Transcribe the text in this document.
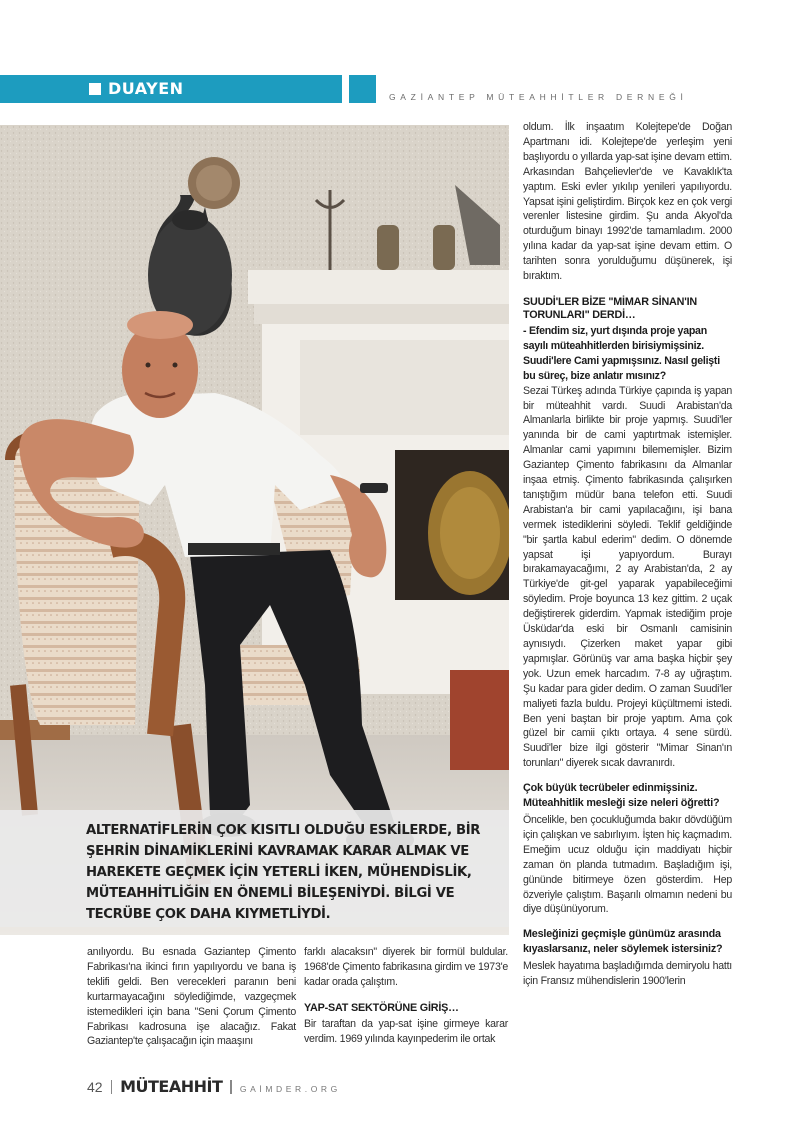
DUAYEN	GAZİANTEP MÜTEAHHİTLER DERNEĞİ

ALTERNATİFLERİN ÇOK KISITLI OLDUĞU ESKİLERDE, BİR ŞEHRİN DİNAMİKLERİNİ KAVRAMAK KARAR ALMAK VE HAREKETE GEÇMEK İÇİN YETERLİ İKEN, MÜHENDİSLİK, MÜTEAHHİTLİĞİN EN ÖNEMLİ BİLEŞENİYDİ. BİLGİ VE TECRÜBE ÇOK DAHA KIYMETLİYDİ.

anılıyordu. Bu esnada Gaziantep Çimento Fabrikası'na ikinci fırın yapılıyordu ve bana iş teklifi geldi. Ben verecekleri paranın beni kurtarmayacağını söylediğimde, vazgeçmek istemedikleri için bana "Seni Çorum Çimento Fabrikası kadrosuna işe alacağız. Fakat Gaziantep'te çalışacağın için maaşını

farklı alacaksın" diyerek bir formül buldular. 1968'de Çimento fabrikasına girdim ve 1973'e kadar orada çalıştım.

YAP-SAT SEKTÖRÜNE GİRİŞ…

Bir taraftan da yap-sat işine girmeye karar verdim. 1969 yılında kayınpederim ile ortak

oldum. İlk inşaatım Kolejtepe'de Doğan Apartmanı idi. Kolejtepe'de yerleşim yeni başlıyordu o yıllarda yap-sat işine devam ettim. Arkasından Bahçelievler'de ve Kavaklık'ta yaptım. Eski evler yıkılıp yenileri yapılıyordu. Yapsat işini geliştirdim. Birçok kez en çok vergi verenler listesine girdim. Şu anda Akyol'da oturduğum binayı 1992'de tamamladım. 2000 yılına kadar da yap-sat işine devam ettim. O tarihten sonra yorulduğumu düşünerek, işi bıraktım.

SUUDİ'LER BİZE "MİMAR SİNAN'IN TORUNLARI" DERDİ…

- Efendim siz, yurt dışında proje yapan sayılı müteahhitlerden birisiymişsiniz. Suudi'lere Cami yapmışsınız. Nasıl gelişti bu süreç, bize anlatır mısınız?

Sezai Türkeş adında Türkiye çapında iş yapan bir müteahhit vardı. Suudi Arabistan'da Almanlarla birlikte bir proje yapmış. Suudi'ler yanında bir de cami yaptırtmak istemişler. Almanlar cami yapımını bilememişler. Bizim Gaziantep Çimento fabrikasını da Almanlar inşaa etmiş. Çimento fabrikasında çalışırken tanıştığım müdür bana telefon etti. Suudi Arabistan'a bir cami yapılacağını, işi bana vermek istediklerini söyledi. Teklif geldiğinde "bir şartla kabul ederim" dedim. O dönemde yapsat işi yapıyordum. Burayı bırakamayacağımı, 2 ay Arabistan'da, 2 ay Türkiye'de git-gel yaparak yapabileceğimi söyledim. Proje boyunca 13 kez gittim. 2 uçak değiştirerek giderdim. Yapmak istediğim proje Üsküdar'da eski bir Osmanlı camisinin aynısıydı. Çizerken maket yapar gibi yapmışlar. Görünüş var ama başka hiçbir şey yok. Uzun emek harcadım. 7-8 ay uğraştım. Şu kadar para gider dedim. O zaman Suudi'ler maliyeti fazla buldu. Projeyi küçültmemi istedi. Ben yeni baştan bir proje yaptım. Ama çok güzel bir camii çıktı ortaya. 4 sene sürdü. Suudi'ler bize ilgi gösterir "Mimar Sinan'ın torunları" diyerek sıcak davranırdı.

Çok büyük tecrübeler edinmişsiniz. Müteahhitlik mesleği size neleri öğretti?

Öncelikle, ben çocukluğumda bakır dövdüğüm için çalışkan ve sabırlıyım. İşten hiç kaçmadım. Emeğim ucuz olduğu için maddiyatı hiçbir zaman ön planda tutmadım. Başladığım işi, gününde bitirmeye özen gösterdim. Hep özveriyle çalıştım. Başarılı olmamın nedeni bu diye düşünüyorum.

Mesleğinizi geçmişle günümüz arasında kıyaslarsanız, neler söylemek istersiniz?

Meslek hayatıma başladığımda demiryolu hattı için Fransız mühendislerin 1900'lerin

42 MÜTEAHHİT GAİMDER.ORG
